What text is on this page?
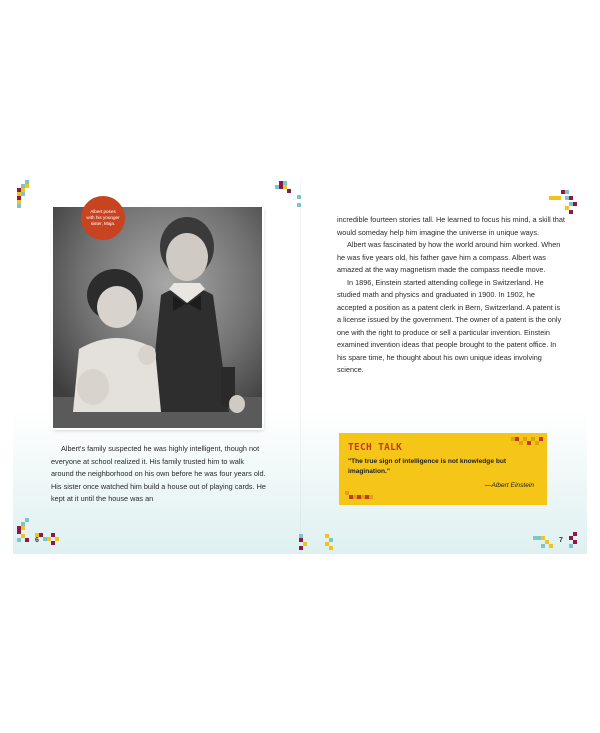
Albert poses with his younger sister, Maja.

Albert's family suspected he was highly intelligent, though not everyone at school realized it. His family trusted him to walk around the neighborhood on his own before he was four years old. His sister once watched him build a house out of playing cards. He kept at it until the house was an

incredible fourteen stories tall. He learned to focus his mind, a skill that would someday help him imagine the universe in unique ways.

Albert was fascinated by how the world around him worked. When he was five years old, his father gave him a compass. Albert was amazed at the way magnetism made the compass needle move.

In 1896, Einstein started attending college in Switzerland. He studied math and physics and graduated in 1900. In 1902, he accepted a position as a patent clerk in Bern, Switzerland. A patent is a license issued by the government. The owner of a patent is the only one with the right to produce or sell a particular invention. Einstein examined invention ideas that people brought to the patent office. In his spare time, he thought about his own unique ideas involving science.

TECH TALK
"The true sign of intelligence is not knowledge but imagination."
—Albert Einstein
6	7
